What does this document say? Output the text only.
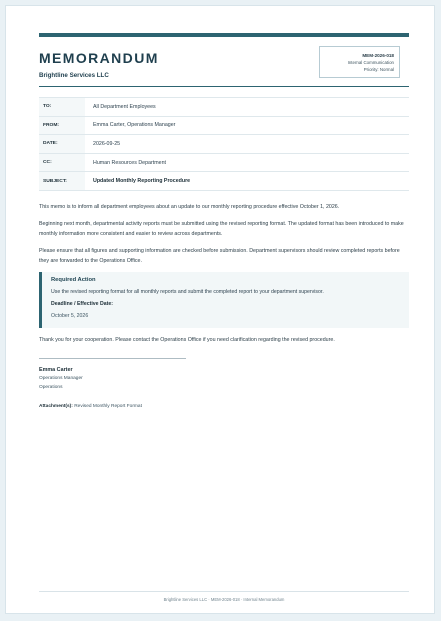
MEMORANDUM

Brightline Services LLC

MEM-2026-018
Internal Communication
Priority: Normal
TO:	All Department Employees
FROM:	Emma Carter, Operations Manager
DATE:	2026-09-25
CC:	Human Resources Department
SUBJECT:	Updated Monthly Reporting Procedure

This memo is to inform all department employees about an update to our monthly reporting procedure effective October 1, 2026.

Beginning next month, departmental activity reports must be submitted using the revised reporting format. The updated format has been introduced to make monthly information more consistent and easier to review across departments.

Please ensure that all figures and supporting information are checked before submission. Department supervisors should review completed reports before they are forwarded to the Operations Office.

Required Action
Use the revised reporting format for all monthly reports and submit the completed report to your department supervisor.
Deadline / Effective Date:
October 5, 2026
Thank you for your cooperation. Please contact the Operations Office if you need clarification regarding the revised procedure.
Emma Carter
Operations Manager
Operations
Attachment(s): Revised Monthly Report Format
Brightline Services LLC · MEM-2026-018 · Internal Memorandum
